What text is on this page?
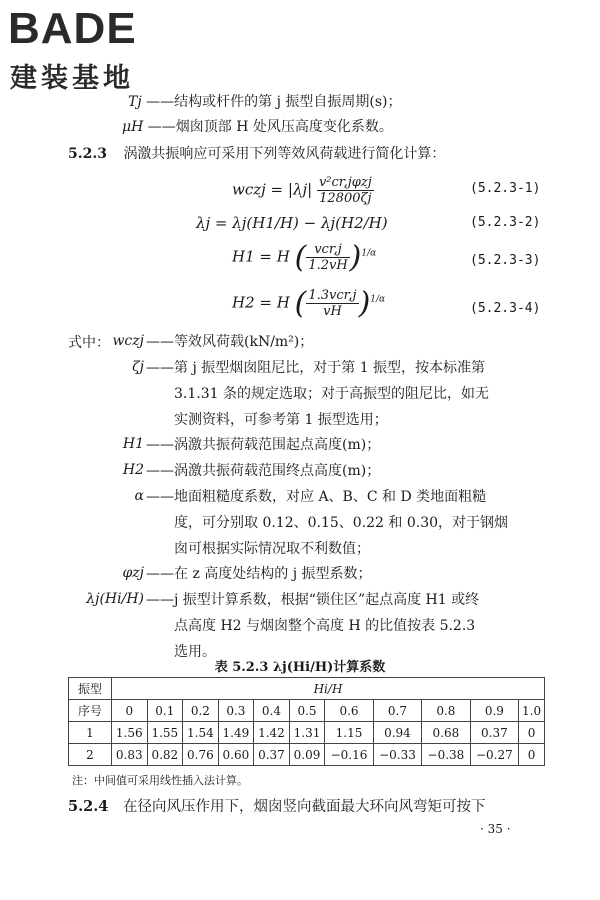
BADE
建装基地
Tj ——结构或杆件的第 j 振型自振周期(s)；
μH ——烟囱顶部 H 处风压高度变化系数。
5.2.3 涡激共振响应可采用下列等效风荷载进行简化计算：
wczj = $|\lambda j| \frac{\text{v²cr,jφzj}}{12800\zeta j}$	(5.2.3-1)
λj = λj(H1/H) − λj(H2/H)	(5.2.3-2)
H1 = H ( $\frac{\text{vcr,j}}{1.2vH} )^{1/\alpha}$	(5.2.3-3)
H2 = H ( $\frac{\text{1.3vcr,j}}{vH} )^{1/\alpha}$
(5.2.3-4)
式中： wczj ——等效风荷载(kN/m²)；
ζj ——第 j 振型烟囱阻尼比，对于第 1 振型，按本标准第
3.1.31 条的规定选取；对于高振型的阻尼比，如无
实测资料，可参考第 1 振型选用；
H1 ——涡激共振荷载范围起点高度(m)；
H2 ——涡激共振荷载范围终点高度(m)；
α ——地面粗糙度系数，对应 A、B、C 和 D 类地面粗糙
度，可分别取 0.12、0.15、0.22 和 0.30，对于钢烟
囱可根据实际情况取不利数值；
φzj ——在 z 高度处结构的 j 振型系数；
λj(Hi/H) ——j 振型计算系数，根据“锁住区”起点高度 H1 或终
点高度 H2 与烟囱整个高度 H 的比值按表 5.2.3
选用。
表 5.2.3 λj(Hi/H)计算系数
振型	Hi/H										
序号	0	0.1	0.2	0.3	0.4	0.5	0.6	0.7	0.8	0.9	1.0
1	1.56	1.55	1.54	1.49	1.42	1.31	1.15	0.94	0.68	0.37	0
2	0.83	0.82	0.76	0.60	0.37	0.09	−0.16	−0.33	−0.38	−0.27	0
注：中间值可采用线性插入法计算。
5.2.4 在径向风压作用下，烟囱竖向截面最大环向风弯矩可按下
· 35 ·
